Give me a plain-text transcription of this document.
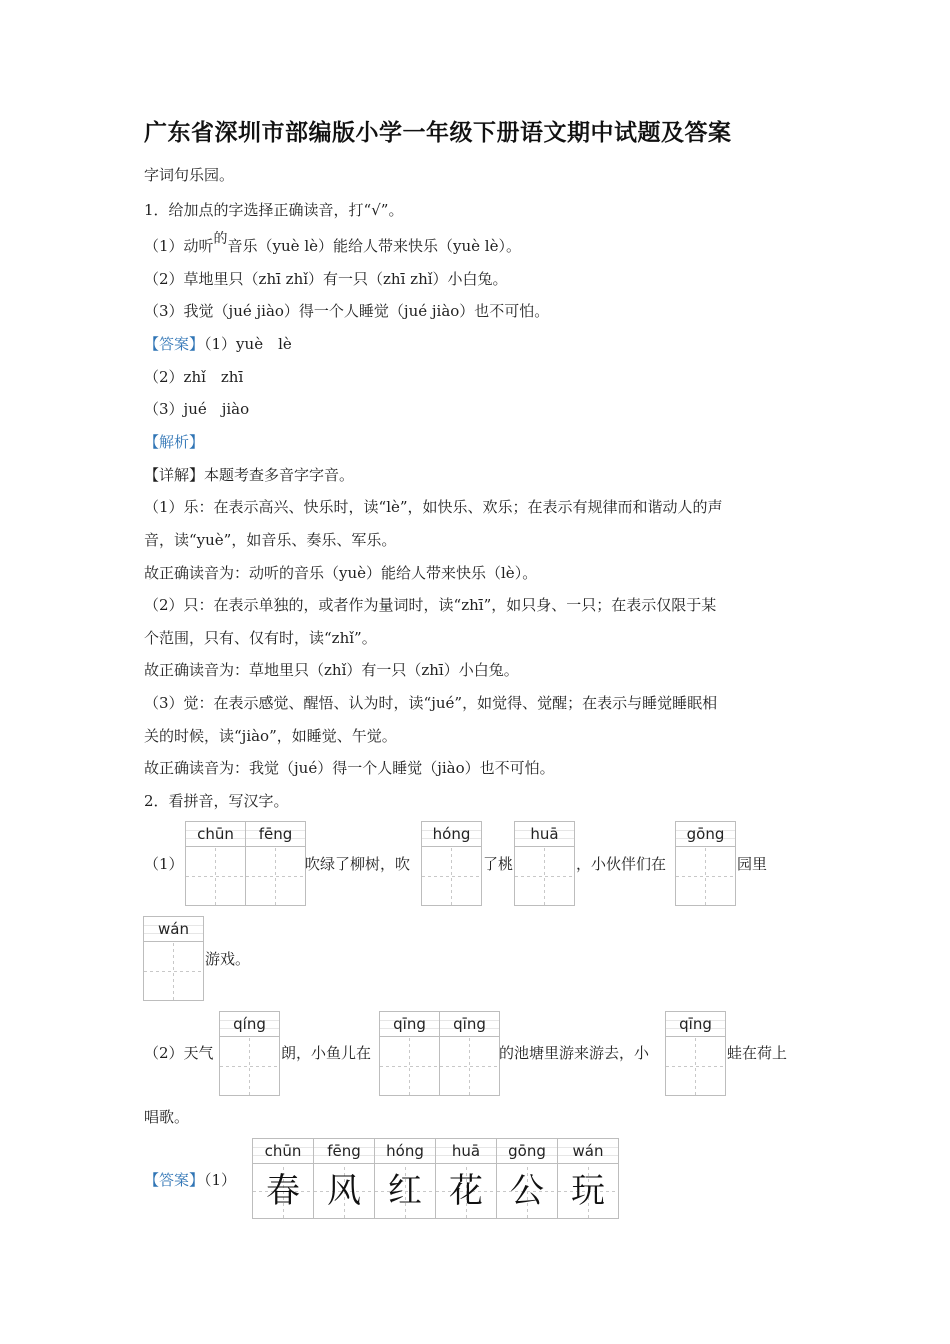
广东省深圳市部编版小学一年级下册语文期中试题及答案
字词句乐园。
1．给加点的字选择正确读音，打“√”。
（1）动听的音乐（yuè lè）能给人带来快乐（yuè lè）。
（2）草地里只（zhī zhǐ）有一只（zhī zhǐ）小白兔。
（3）我觉（jué jiào）得一个人睡觉（jué jiào）也不可怕。
【答案】（1）yuè　lè
（2）zhǐ　zhī
（3）jué　jiào
【解析】
【详解】本题考查多音字字音。
（1）乐：在表示高兴、快乐时，读“lè”，如快乐、欢乐；在表示有规律而和谐动人的声
音，读“yuè”，如音乐、奏乐、军乐。
故正确读音为：动听的音乐（yuè）能给人带来快乐（lè）。
（2）只：在表示单独的，或者作为量词时，读“zhī”，如只身、一只；在表示仅限于某
个范围，只有、仅有时，读“zhǐ”。
故正确读音为：草地里只（zhǐ）有一只（zhī）小白兔。
（3）觉：在表示感觉、醒悟、认为时，读“jué”，如觉得、觉醒；在表示与睡觉睡眠相
关的时候，读“jiào”，如睡觉、午觉。
故正确读音为：我觉（jué）得一个人睡觉（jiào）也不可怕。
2．看拼音，写汉字。
（1）
chūn	fēng
吹绿了柳树，吹
hóng
了桃
huā
，小伙伴们在
gōng
园里
wán
游戏。
（2）天气
qíng
朗，小鱼儿在
qīng	qīng
的池塘里游来游去，小
qīng
蛙在荷上
唱歌。
【答案】（1）
chūn
春
fēng
风
hóng
红
huā
花
gōng
公
wán
玩
